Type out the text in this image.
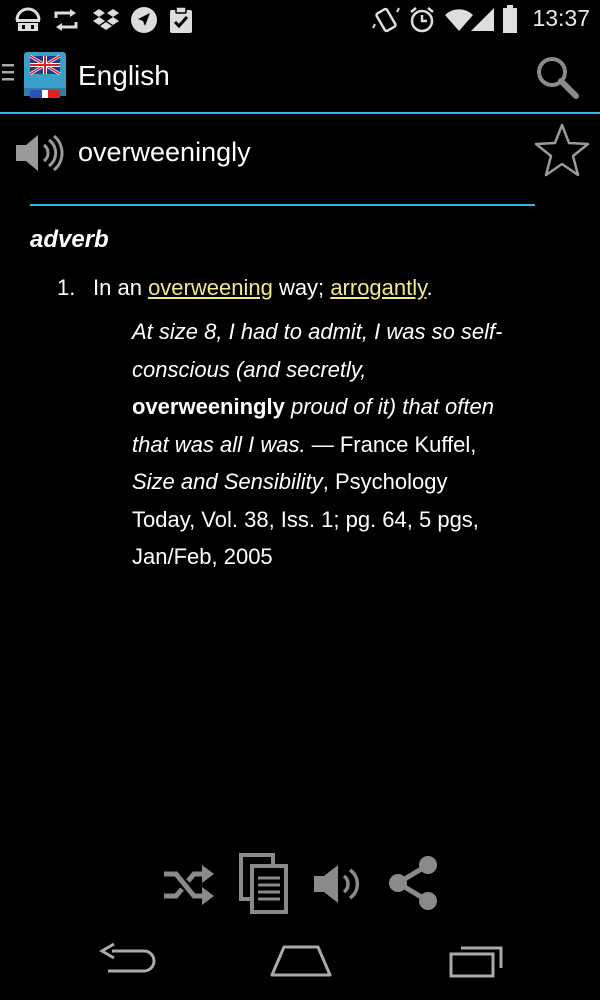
13:37
English
overweeningly
adverb
1. In an overweening way; arrogantly.
At size 8, I had to admit, I was so self-
conscious (and secretly,
overweeningly proud of it) that often
that was all I was. — France Kuffel,
Size and Sensibility, Psychology
Today, Vol. 38, Iss. 1; pg. 64, 5 pgs,
Jan/Feb, 2005
